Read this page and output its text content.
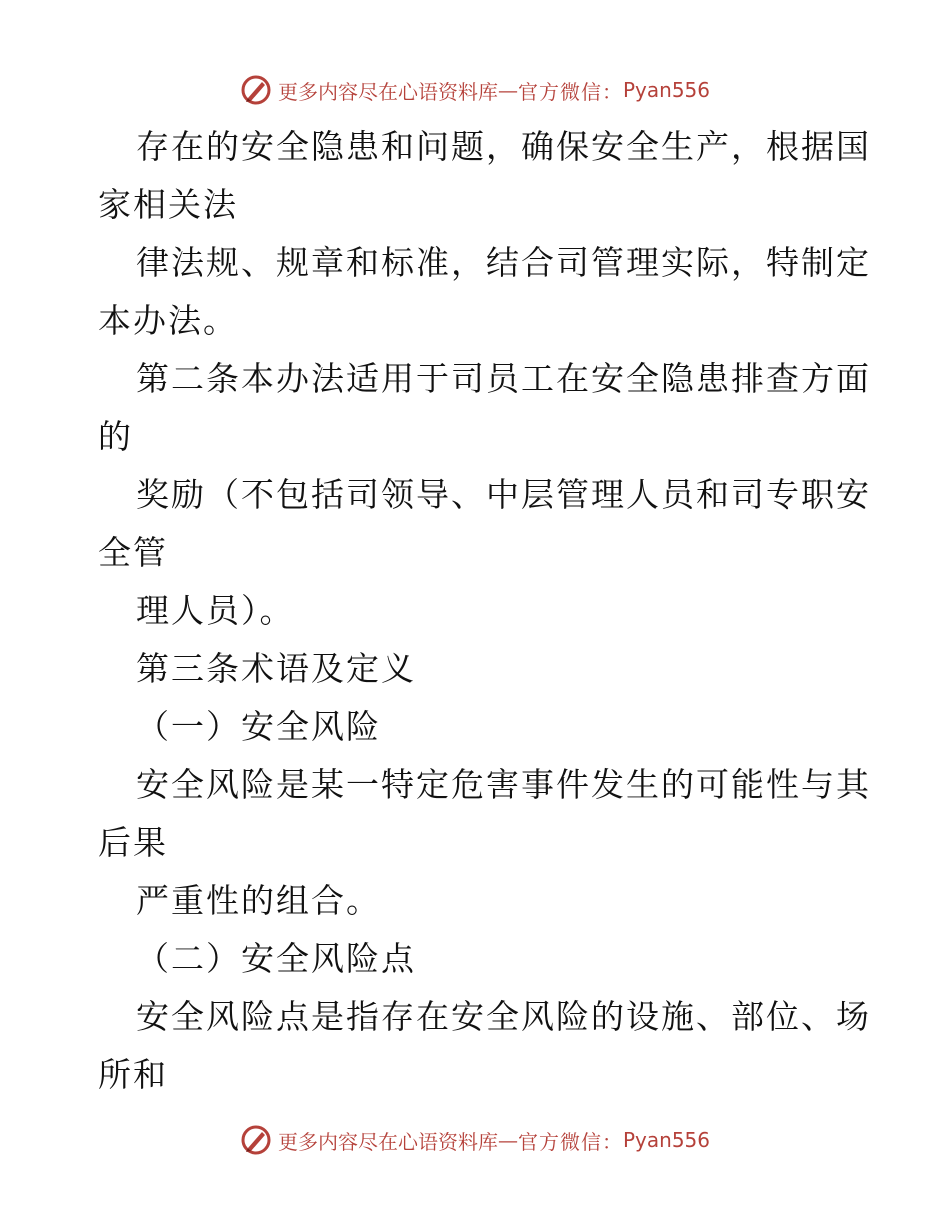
更多内容尽在心语资料库 — 官方微信： Pyan556
存在的安全隐患和问题，确保安全生产，根据国
家相关法
律法规、规章和标准，结合司管理实际，特制定
本办法。
第二条本办法适用于司员工在安全隐患排查方面
的
奖励（不包括司领导、中层管理人员和司专职安
全管
理人员）。
第三条术语及定义
（一）安全风险
安全风险是某一特定危害事件发生的可能性与其
后果
严重性的组合。
（二）安全风险点
安全风险点是指存在安全风险的设施、部位、场
所和
更多内容尽在心语资料库 — 官方微信： Pyan556
